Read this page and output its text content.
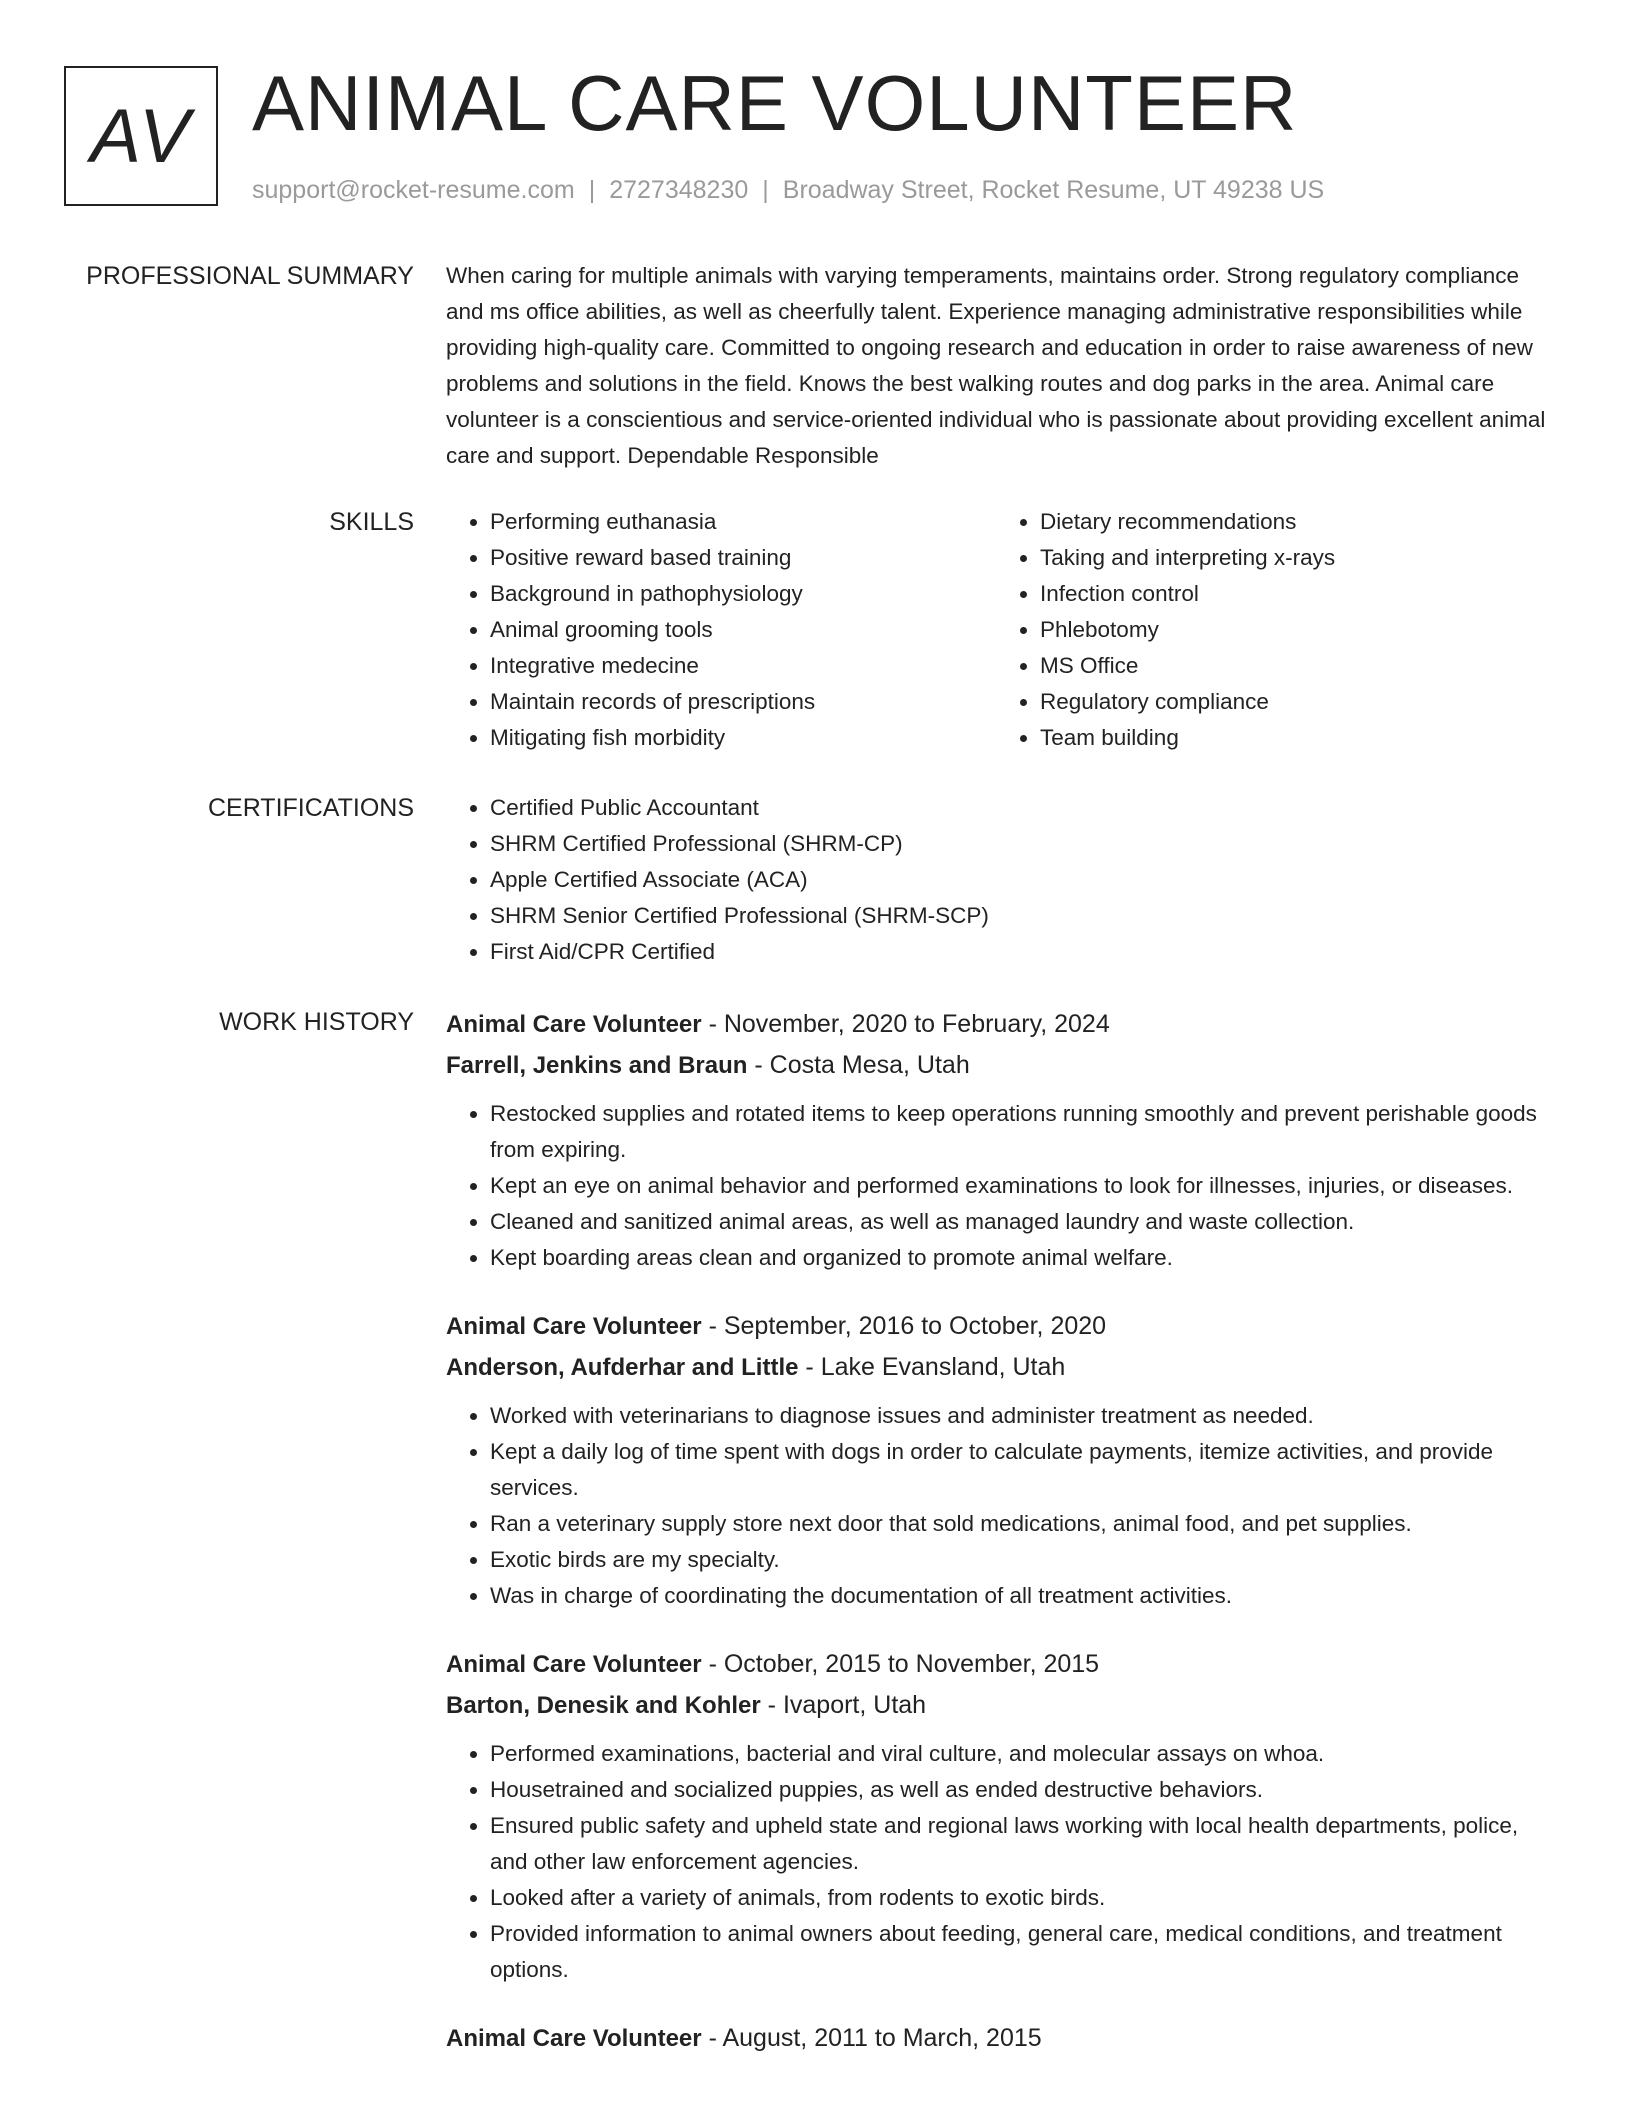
AV ANIMAL CARE VOLUNTEER
support@rocket-resume.com | 2727348230 | Broadway Street, Rocket Resume, UT 49238 US
PROFESSIONAL SUMMARY When caring for multiple animals with varying temperaments, maintains order. Strong regulatory compliance and ms office abilities, as well as cheerfully talent. Experience managing administrative responsibilities while providing high-quality care. Committed to ongoing research and education in order to raise awareness of new problems and solutions in the field. Knows the best walking routes and dog parks in the area. Animal care volunteer is a conscientious and service-oriented individual who is passionate about providing excellent animal care and support. Dependable Responsible

SKILLS	• Performing euthanasia
• Positive reward based training
• Background in pathophysiology
• Animal grooming tools
• Integrative medecine
• Maintain records of prescriptions
• Mitigating fish morbidity
• Dietary recommendations
• Taking and interpreting x-rays
• Infection control
• Phlebotomy
• MS Office
• Regulatory compliance
• Team building
CERTIFICATIONS	• Certified Public Accountant
• SHRM Certified Professional (SHRM-CP)
• Apple Certified Associate (ACA)
• SHRM Senior Certified Professional (SHRM-SCP)
• First Aid/CPR Certified
WORK HISTORY Animal Care Volunteer - November, 2020 to February, 2024
Farrell, Jenkins and Braun - Costa Mesa, Utah
• Restocked supplies and rotated items to keep operations running smoothly and prevent perishable goods from expiring.
• Kept an eye on animal behavior and performed examinations to look for illnesses, injuries, or diseases.
• Cleaned and sanitized animal areas, as well as managed laundry and waste collection.
• Kept boarding areas clean and organized to promote animal welfare.
Animal Care Volunteer - September, 2016 to October, 2020
Anderson, Aufderhar and Little - Lake Evansland, Utah
• Worked with veterinarians to diagnose issues and administer treatment as needed.
• Kept a daily log of time spent with dogs in order to calculate payments, itemize activities, and provide services.
• Ran a veterinary supply store next door that sold medications, animal food, and pet supplies.
• Exotic birds are my specialty.
• Was in charge of coordinating the documentation of all treatment activities.
Animal Care Volunteer - October, 2015 to November, 2015
Barton, Denesik and Kohler - Ivaport, Utah
• Performed examinations, bacterial and viral culture, and molecular assays on whoa.
• Housetrained and socialized puppies, as well as ended destructive behaviors.
• Ensured public safety and upheld state and regional laws working with local health departments, police, and other law enforcement agencies.
• Looked after a variety of animals, from rodents to exotic birds.
• Provided information to animal owners about feeding, general care, medical conditions, and treatment options.
Animal Care Volunteer - August, 2011 to March, 2015
